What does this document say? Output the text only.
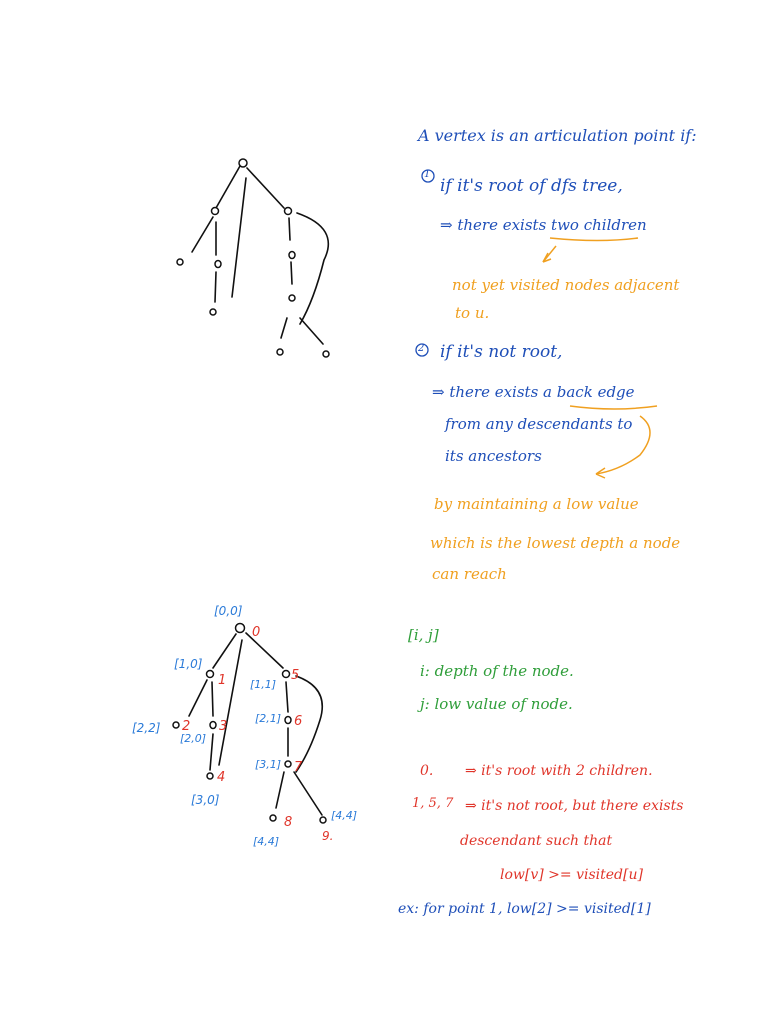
[0,0]
[1,0]
[2,2]
[2,0]
[3,0]
[1,1]
[2,1]
[3,1]
[4,4]
[4,4]
0
1
2 3
4
5
6
7
8
9.
A vertex is an articulation point if:
1
if it's root of dfs tree,
⇒ there exists two children
not yet visited nodes adjacent
to u.
2 if it's not root,
⇒ there exists a back edge
from any descendants to
its ancestors
by maintaining a low value
which is the lowest depth a node
can reach
[i, j]
i: depth of the node.
j: low value of node.
0. ⇒ it's root with 2 children.
1, 5, 7 ⇒ it's not root, but there exists
descendant such that
low[v] >= visited[u]
ex: for point 1, low[2] >= visited[1]
